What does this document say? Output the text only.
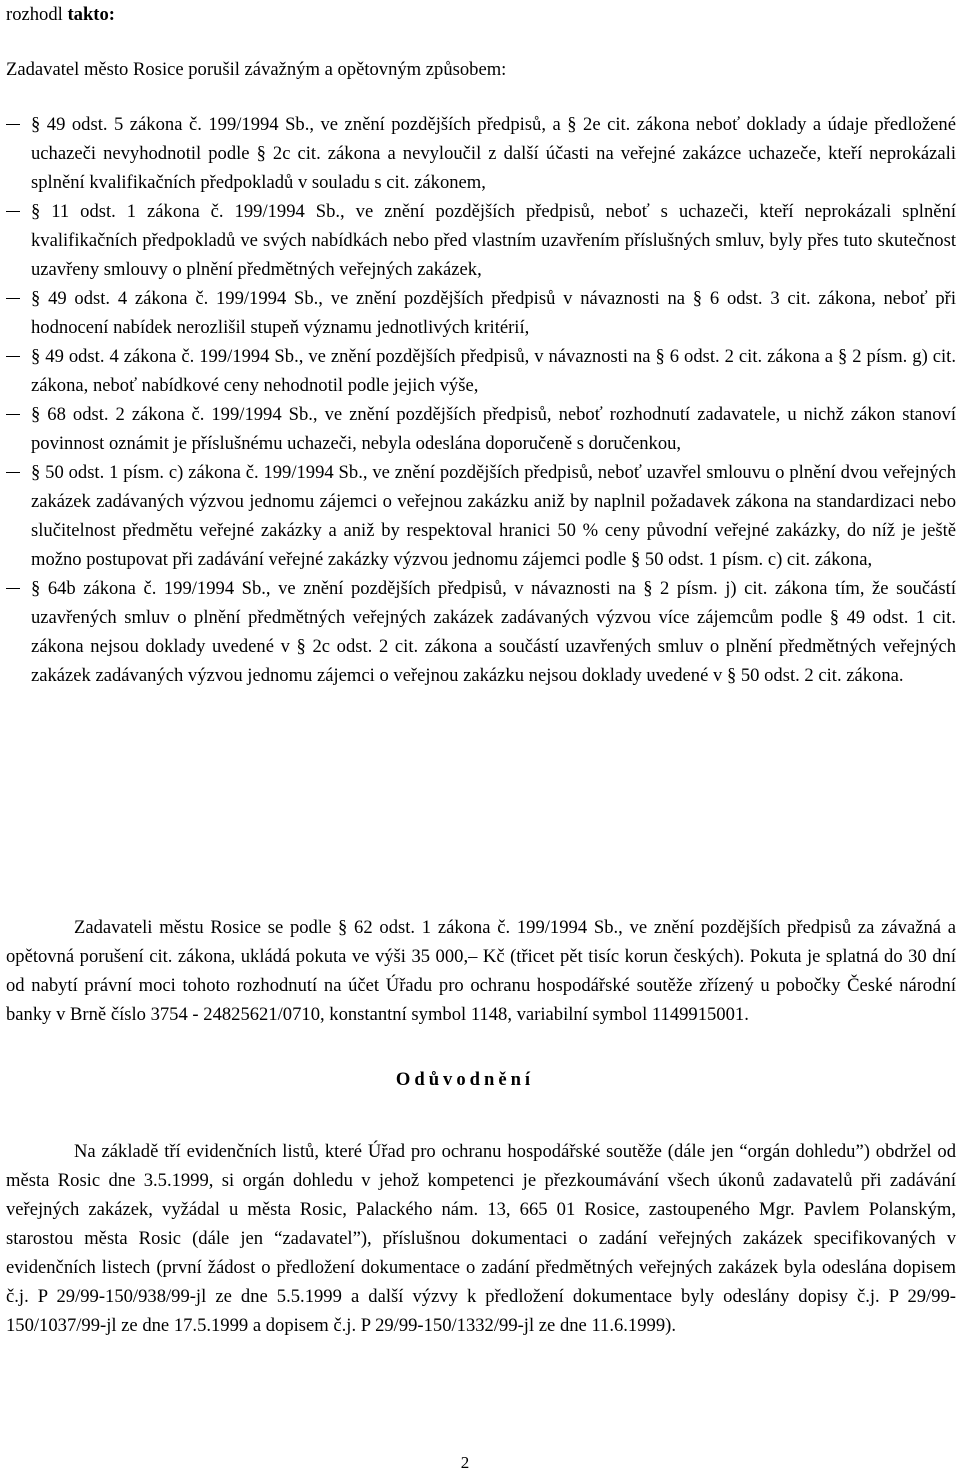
rozhodl takto:
Zadavatel město Rosice porušil závažným a opětovným způsobem:
§ 49 odst. 5 zákona č. 199/1994 Sb., ve znění pozdějších předpisů, a § 2e cit. zákona neboť doklady a údaje předložené uchazeči nevyhodnotil podle § 2c cit. zákona a nevyloučil z další účasti na veřejné zakázce uchazeče, kteří neprokázali splnění kvalifikačních předpokladů v souladu s cit. zákonem,
§ 11 odst. 1 zákona č. 199/1994 Sb., ve znění pozdějších předpisů, neboť s uchazeči, kteří neprokázali splnění kvalifikačních předpokladů ve svých nabídkách nebo před vlastním uzavřením příslušných smluv, byly přes tuto skutečnost uzavřeny smlouvy o plnění předmětných veřejných zakázek,
§ 49 odst. 4 zákona č. 199/1994 Sb., ve znění pozdějších předpisů v návaznosti na § 6 odst. 3 cit. zákona, neboť při hodnocení nabídek nerozlišil stupeň významu jednotlivých kritérií,
§ 49 odst. 4 zákona č. 199/1994 Sb., ve znění pozdějších předpisů, v návaznosti na § 6 odst. 2 cit. zákona a § 2 písm. g) cit. zákona, neboť nabídkové ceny nehodnotil podle jejich výše,
§ 68 odst. 2 zákona č. 199/1994 Sb., ve znění pozdějších předpisů, neboť rozhodnutí zadavatele, u nichž zákon stanoví povinnost oznámit je příslušnému uchazeči, nebyla odeslána doporučeně s doručenkou,
§ 50 odst. 1 písm. c) zákona č. 199/1994 Sb., ve znění pozdějších předpisů, neboť uzavřel smlouvu o plnění dvou veřejných zakázek zadávaných výzvou jednomu zájemci o veřejnou zakázku aniž by naplnil požadavek zákona na standardizaci nebo slučitelnost předmětu veřejné zakázky a aniž by respektoval hranici 50 % ceny původní veřejné zakázky, do níž je ještě možno postupovat při zadávání veřejné zakázky výzvou jednomu zájemci podle § 50 odst. 1 písm. c) cit. zákona,
§ 64b zákona č. 199/1994 Sb., ve znění pozdějších předpisů, v návaznosti na § 2 písm. j) cit. zákona tím, že součástí uzavřených smluv o plnění předmětných veřejných zakázek zadávaných výzvou více zájemcům podle § 49 odst. 1 cit. zákona nejsou doklady uvedené v § 2c odst. 2 cit. zákona a součástí uzavřených smluv o plnění předmětných veřejných zakázek zadávaných výzvou jednomu zájemci o veřejnou zakázku nejsou doklady uvedené v § 50 odst. 2 cit. zákona.

Zadavateli městu Rosice se podle § 62 odst. 1 zákona č. 199/1994 Sb., ve znění pozdějších předpisů za závažná a opětovná porušení cit. zákona, ukládá pokuta ve výši 35 000,– Kč (třicet pět tisíc korun českých). Pokuta je splatná do 30 dní od nabytí právní moci tohoto rozhodnutí na účet Úřadu pro ochranu hospodářské soutěže zřízený u pobočky České národní banky v Brně číslo 3754 - 24825621/0710, konstantní symbol 1148, variabilní symbol 1149915001.

Odůvodnění

Na základě tří evidenčních listů, které Úřad pro ochranu hospodářské soutěže (dále jen “orgán dohledu”) obdržel od města Rosic dne 3.5.1999, si orgán dohledu v jehož kompetenci je přezkoumávání všech úkonů zadavatelů při zadávání veřejných zakázek, vyžádal u města Rosic, Palackého nám. 13, 665 01 Rosice, zastoupeného Mgr. Pavlem Polanským, starostou města Rosic (dále jen “zadavatel”), příslušnou dokumentaci o zadání veřejných zakázek specifikovaných v evidenčních listech (první žádost o předložení dokumentace o zadání předmětných veřejných zakázek byla odeslána dopisem č.j. P 29/99-150/938/99-jl ze dne 5.5.1999 a další výzvy k předložení dokumentace byly odeslány dopisy č.j. P 29/99-150/1037/99-jl ze dne 17.5.1999 a dopisem č.j. P 29/99-150/1332/99-jl ze dne 11.6.1999).

2
